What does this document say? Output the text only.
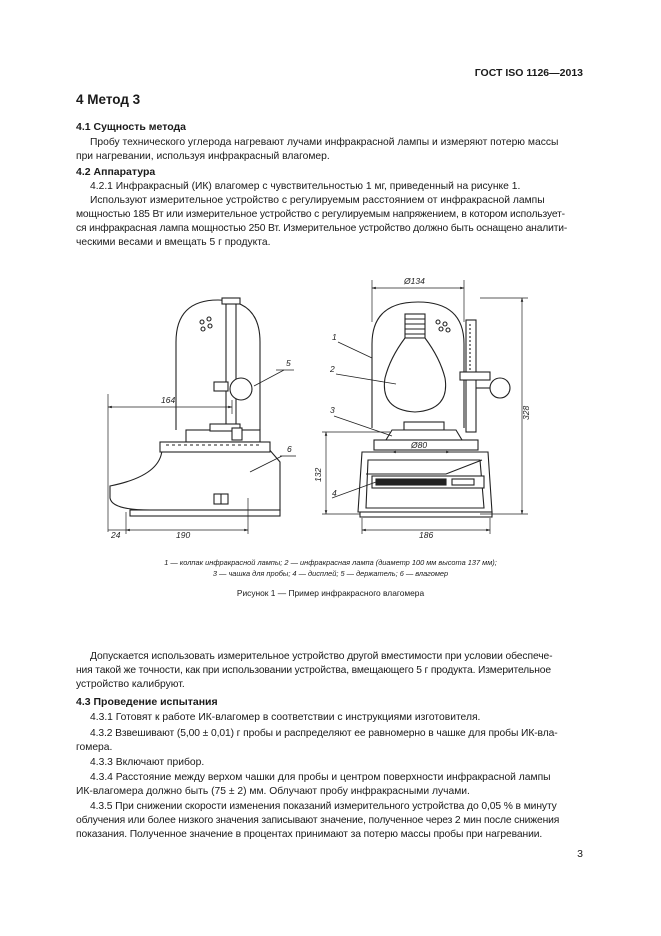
ГОСТ ISO 1126—2013
4 Метод 3
4.1 Сущность метода
Пробу технического углерода нагревают лучами инфракрасной лампы и измеряют потерю массы
при нагревании, используя инфракрасный влагомер.
4.2 Аппаратура
4.2.1 Инфракрасный (ИК) влагомер с чувствительностью 1 мг, приведенный на рисунке 1.
Используют измерительное устройство с регулируемым расстоянием от инфракрасной лампы
мощностью 185 Вт или измерительное устройство с регулируемым напряжением, в котором использует-
ся инфракрасная лампа мощностью 250 Вт. Измерительное устройство должно быть оснащено аналити-
ческими весами и вмещать 5 г продукта.
164
24	190
5
6
Ø134
Ø80
186
328
132
1
2
3
4
1 — колпак инфракрасной лампы; 2 — инфракрасная лампа (диаметр 100 мм высота 137 мм);
3 — чашка для пробы; 4 — дисплей; 5 — держатель; 6 — влагомер
Рисунок 1 — Пример инфракрасного влагомера
Допускается использовать измерительное устройство другой вместимости при условии обеспече-
ния такой же точности, как при использовании устройства, вмещающего 5 г продукта. Измерительное
устройство калибруют.
4.3 Проведение испытания
4.3.1 Готовят к работе ИК-влагомер в соответствии с инструкциями изготовителя.
4.3.2 Взвешивают (5,00 ± 0,01) г пробы и распределяют ее равномерно в чашке для пробы ИК-вла-
гомера.
4.3.3 Включают прибор.
4.3.4 Расстояние между верхом чашки для пробы и центром поверхности инфракрасной лампы
ИК-влагомера должно быть (75 ± 2) мм. Облучают пробу инфракрасными лучами.
4.3.5 При снижении скорости изменения показаний измерительного устройства до 0,05 % в минуту
облучения или более низкого значения записывают значение, полученное через 2 мин после снижения
показания. Полученное значение в процентах принимают за потерю массы пробы при нагревании.
3
